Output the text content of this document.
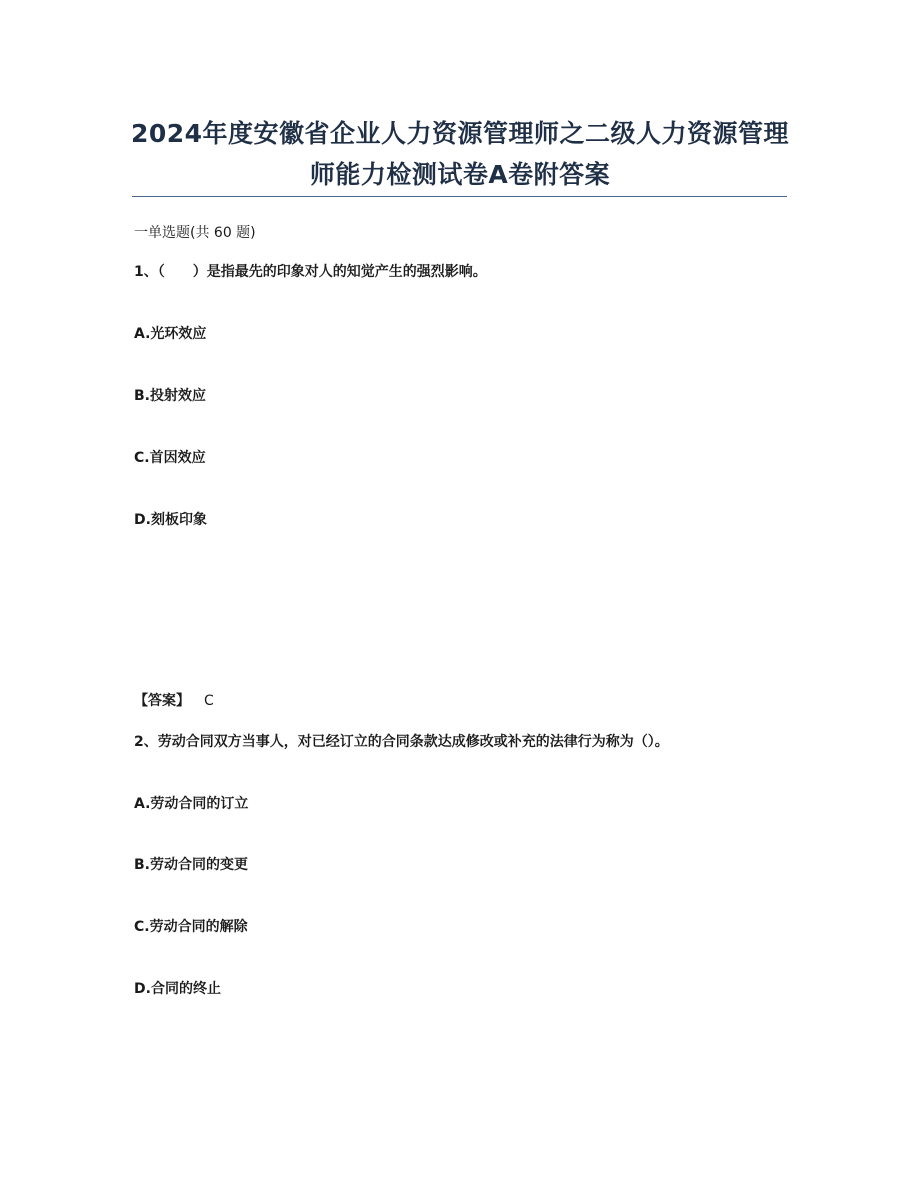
2024年度安徽省企业人力资源管理师之二级人力资源管理
师能力检测试卷A卷附答案
一单选题(共 60 题)
1、（　　）是指最先的印象对人的知觉产生的强烈影响。
A.光环效应
B.投射效应
C.首因效应
D.刻板印象
【答案】 C
2、劳动合同双方当事人，对已经订立的合同条款达成修改或补充的法律行为称为（）。
A.劳动合同的订立
B.劳动合同的变更
C.劳动合同的解除
D.合同的终止
